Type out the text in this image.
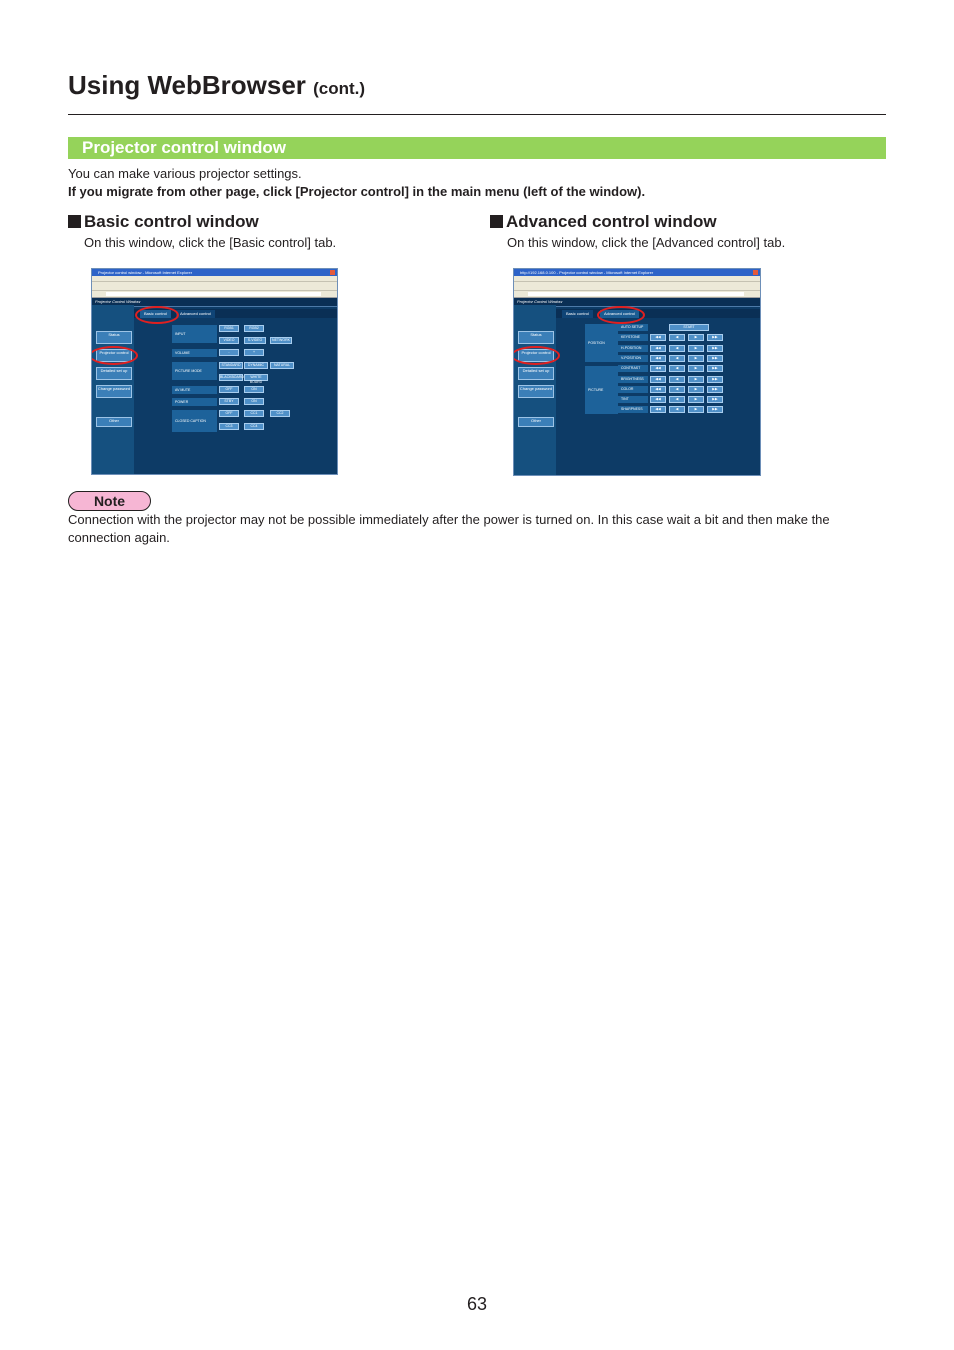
Using WebBrowser (cont.)
Projector control window
You can make various projector settings.
If you migrate from other page, click [Projector control] in the main menu (left of the window).
Basic control window
On this window, click the [Basic control] tab.
Projector control window - Microsoft Internet Explorer
Projector Control Window
Status
Projector control
Detailed set up
Change password
Other
Basic control	Advanced control
INPUT
RGB1	RGB2
VIDEO	S-VIDEO	NETWORK
VOLUME	-	+
PICTURE MODE
STANDARD	DYNAMIC	NATURAL
BLACKBOARD	WHITE BOARD
AV MUTE	OFF	ON
POWER	STBY	ON
CLOSED CAPTION
OFF	CC1	CC2
CC3	CC4
Advanced control window
On this window, click the [Advanced control] tab.
http://192.168.0.100 - Projector control window - Microsoft Internet Explorer
Projector Control Window
Status
Projector control
Detailed set up
Change password
Other
Basic control	Advanced control
POSITION
PICTURE
AUTO SETUP	START
KEYSTONE	◀◀	◀	▶	▶▶
H-POSITION	◀◀	◀	▶	▶▶
V-POSITION	◀◀	◀	▶	▶▶
CONTRAST	◀◀	◀	▶	▶▶
BRIGHTNESS	◀◀	◀	▶	▶▶
COLOR	◀◀	◀	▶	▶▶
TINT	◀◀	◀	▶	▶▶
SHARPNESS	◀◀	◀	▶	▶▶
Note
Connection with the projector may not be possible immediately after the power is turned on. In this case wait a bit and then make the connection again.
63
